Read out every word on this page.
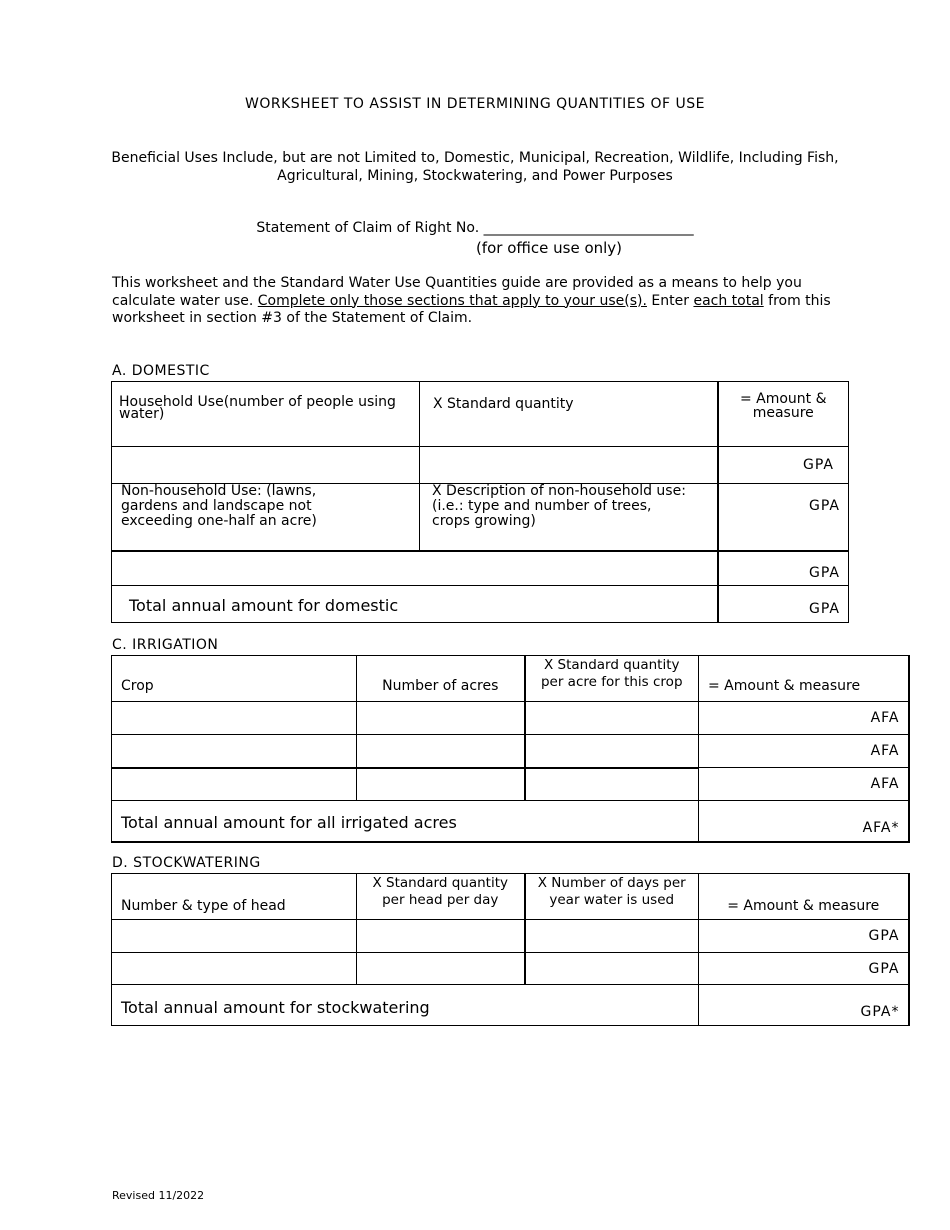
WORKSHEET TO ASSIST IN DETERMINING QUANTITIES OF USE
Beneficial Uses Include, but are not Limited to, Domestic, Municipal, Recreation, Wildlife, Including Fish,
Agricultural, Mining, Stockwatering, and Power Purposes
Statement of Claim of Right No. ______________________________
(for office use only)
This worksheet and the Standard Water Use Quantities guide are provided as a means to help you calculate water use. Complete only those sections that apply to your use(s). Enter each total from this worksheet in section #3 of the Statement of Claim.
A. DOMESTIC
Household Use(number of people using water)	X Standard quantity	= Amount & measure
		GPA
Non-household Use: (lawns, gardens and landscape not exceeding one-half an acre)	X Description of non-household use: (i.e.: type and number of trees, crops growing)	GPA
		GPA
Total annual amount for domestic		GPA
C. IRRIGATION
Crop	Number of acres	X Standard quantity per acre for this crop	= Amount & measure
			AFA
			AFA
			AFA
Total annual amount for all irrigated acres			AFA*
D. STOCKWATERING
Number & type of head	X Standard quantity per head per day	X Number of days per year water is used	= Amount & measure
			GPA
			GPA
Total annual amount for stockwatering			GPA*
Revised 11/2022
